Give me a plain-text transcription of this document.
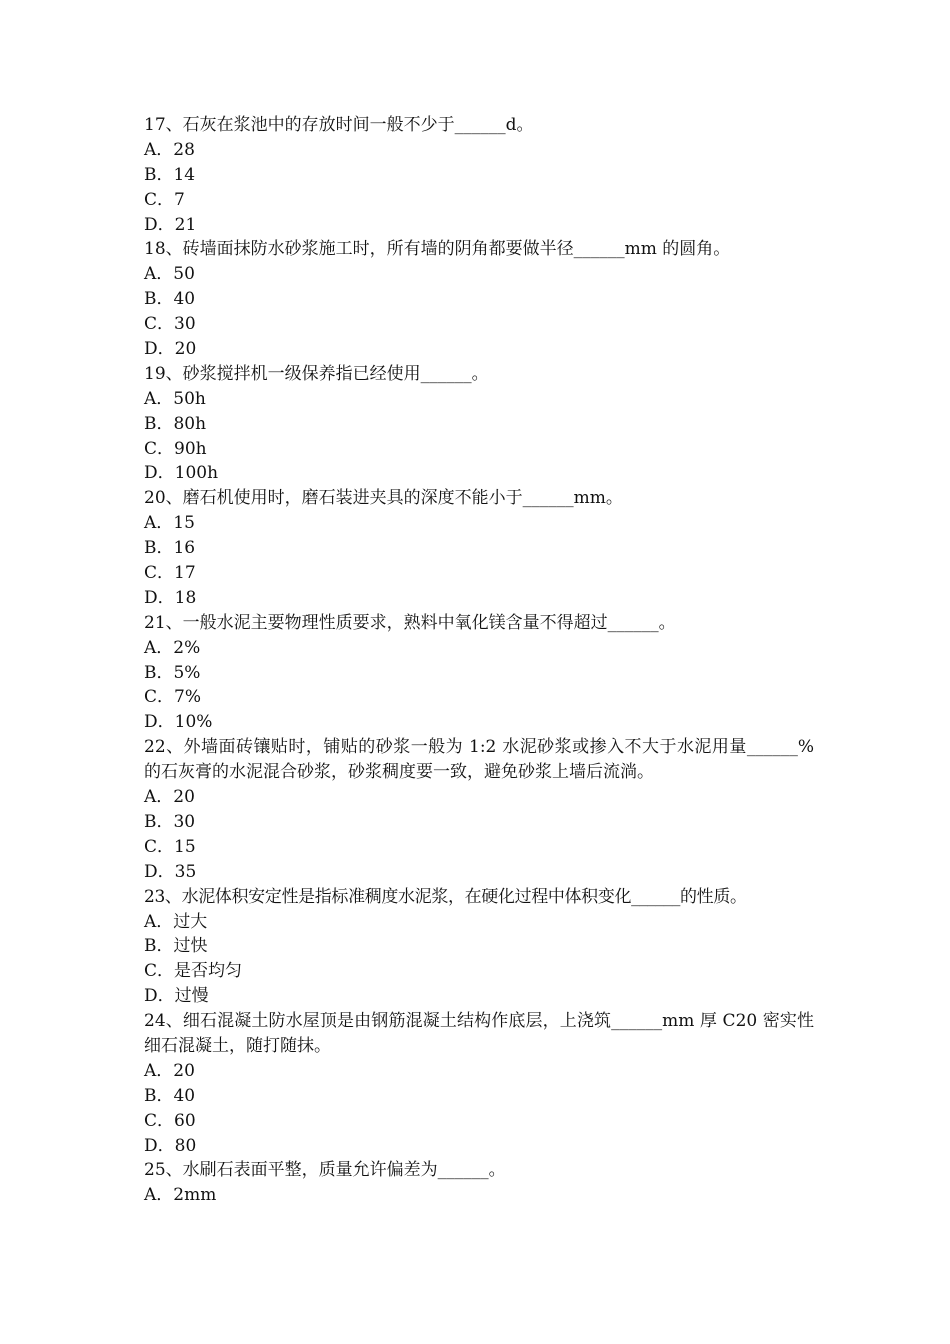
17、石灰在浆池中的存放时间一般不少于______d。
A．28
B．14
C．7
D．21
18、砖墙面抹防水砂浆施工时，所有墙的阴角都要做半径______mm 的圆角。
A．50
B．40
C．30
D．20
19、砂浆搅拌机一级保养指已经使用______。
A．50h
B．80h
C．90h
D．100h
20、磨石机使用时，磨石装进夹具的深度不能小于______mm。
A．15
B．16
C．17
D．18
21、一般水泥主要物理性质要求，熟料中氧化镁含量不得超过______。
A．2%
B．5%
C．7%
D．10%
22、外墙面砖镶贴时，铺贴的砂浆一般为 1:2 水泥砂浆或掺入不大于水泥用量______%的石灰膏的水泥混合砂浆，砂浆稠度要一致，避免砂浆上墙后流淌。
A．20
B．30
C．15
D．35
23、水泥体积安定性是指标准稠度水泥浆，在硬化过程中体积变化______的性质。
A．过大
B．过快
C．是否均匀
D．过慢
24、细石混凝土防水屋顶是由钢筋混凝土结构作底层，上浇筑______mm 厚 C20 密实性细石混凝土，随打随抹。
A．20
B．40
C．60
D．80
25、水刷石表面平整，质量允许偏差为______。
A．2mm
